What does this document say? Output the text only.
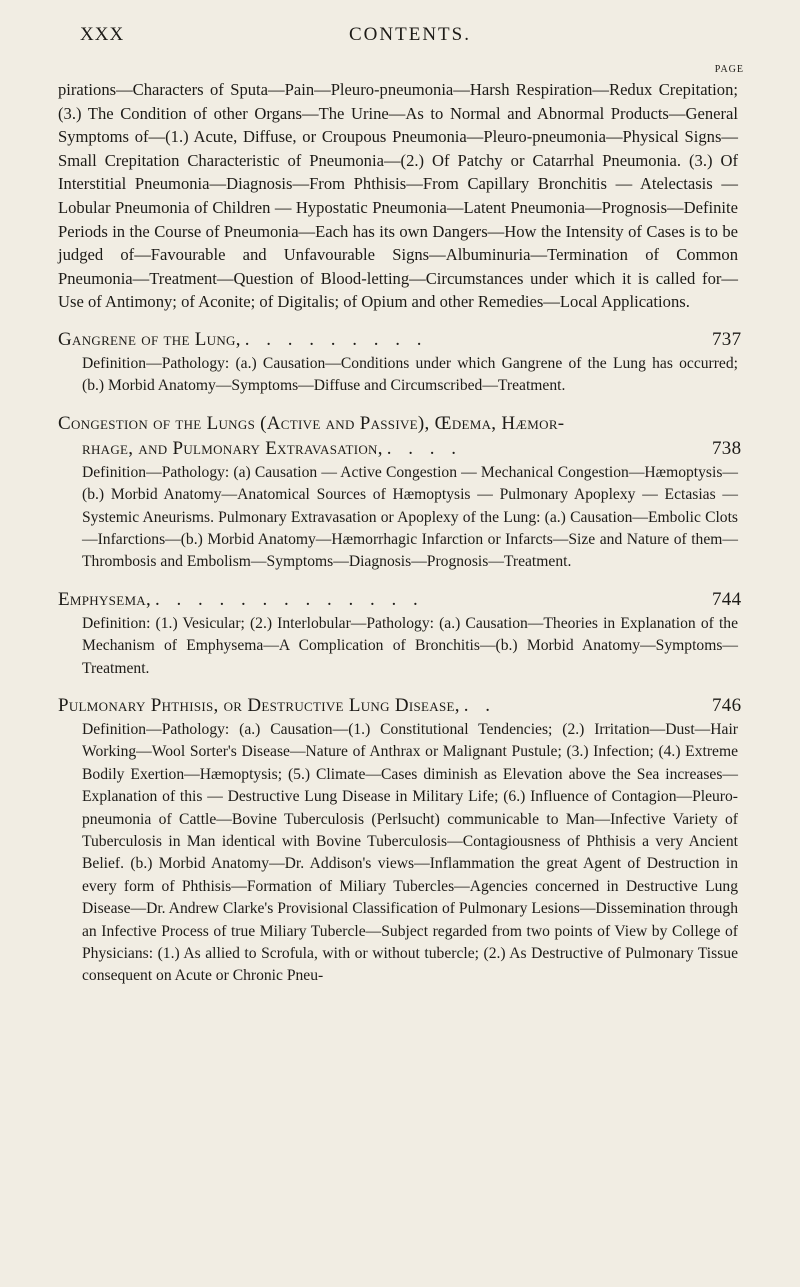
XXX	CONTENTS.
PAGE

pirations—Characters of Sputa—Pain—Pleuro-pneumonia—Harsh Respiration—Redux Crepitation; (3.) The Condition of other Organs—The Urine—As to Normal and Abnormal Products—General Symptoms of—(1.) Acute, Diffuse, or Croupous Pneumonia—Pleuro-pneumonia—Physical Signs—Small Crepitation Characteristic of Pneumonia—(2.) Of Patchy or Catarrhal Pneumonia. (3.) Of Interstitial Pneumonia—Diagnosis—From Phthisis—From Capillary Bronchitis — Atelectasis — Lobular Pneumonia of Children — Hypostatic Pneumonia—Latent Pneumonia—Prognosis—Definite Periods in the Course of Pneumonia—Each has its own Dangers—How the Intensity of Cases is to be judged of—Favourable and Unfavourable Signs—Albuminuria—Termination of Common Pneumonia—Treatment—Question of Blood-letting—Circumstances under which it is called for—Use of Antimony; of Aconite; of Digitalis; of Opium and other Remedies—Local Applications.

Gangrene of the Lung, . . . . . . . . .	737
Definition—Pathology: (a.) Causation—Conditions under which Gangrene of the Lung has occurred; (b.) Morbid Anatomy—Symptoms—Diffuse and Circumscribed—Treatment.
Congestion of the Lungs (Active and Passive), Œdema, Hæmor-
rhage, and Pulmonary Extravasation, . . . .	738
Definition—Pathology: (a) Causation — Active Congestion — Mechanical Congestion—Hæmoptysis—(b.) Morbid Anatomy—Anatomical Sources of Hæmoptysis — Pulmonary Apoplexy — Ectasias — Systemic Aneurisms. Pulmonary Extravasation or Apoplexy of the Lung: (a.) Causation—Embolic Clots—Infarctions—(b.) Morbid Anatomy—Hæmorrhagic Infarction or Infarcts—Size and Nature of them—Thrombosis and Embolism—Symptoms—Diagnosis—Prognosis—Treatment.
Emphysema, . . . . . . . . . . . . .	744
Definition: (1.) Vesicular; (2.) Interlobular—Pathology: (a.) Causation—Theories in Explanation of the Mechanism of Emphysema—A Complication of Bronchitis—(b.) Morbid Anatomy—Symptoms—Treatment.
Pulmonary Phthisis, or Destructive Lung Disease, . .	746
Definition—Pathology: (a.) Causation—(1.) Constitutional Tendencies; (2.) Irritation—Dust—Hair Working—Wool Sorter's Disease—Nature of Anthrax or Malignant Pustule; (3.) Infection; (4.) Extreme Bodily Exertion—Hæmoptysis; (5.) Climate—Cases diminish as Elevation above the Sea increases—Explanation of this — Destructive Lung Disease in Military Life; (6.) Influence of Contagion—Pleuro-pneumonia of Cattle—Bovine Tuberculosis (Perlsucht) communicable to Man—Infective Variety of Tuberculosis in Man identical with Bovine Tuberculosis—Contagiousness of Phthisis a very Ancient Belief. (b.) Morbid Anatomy—Dr. Addison's views—Inflammation the great Agent of Destruction in every form of Phthisis—Formation of Miliary Tubercles—Agencies concerned in Destructive Lung Disease—Dr. Andrew Clarke's Provisional Classification of Pulmonary Lesions—Dissemination through an Infective Process of true Miliary Tubercle—Subject regarded from two points of View by College of Physicians: (1.) As allied to Scrofula, with or without tubercle; (2.) As Destructive of Pulmonary Tissue consequent on Acute or Chronic Pneu-
